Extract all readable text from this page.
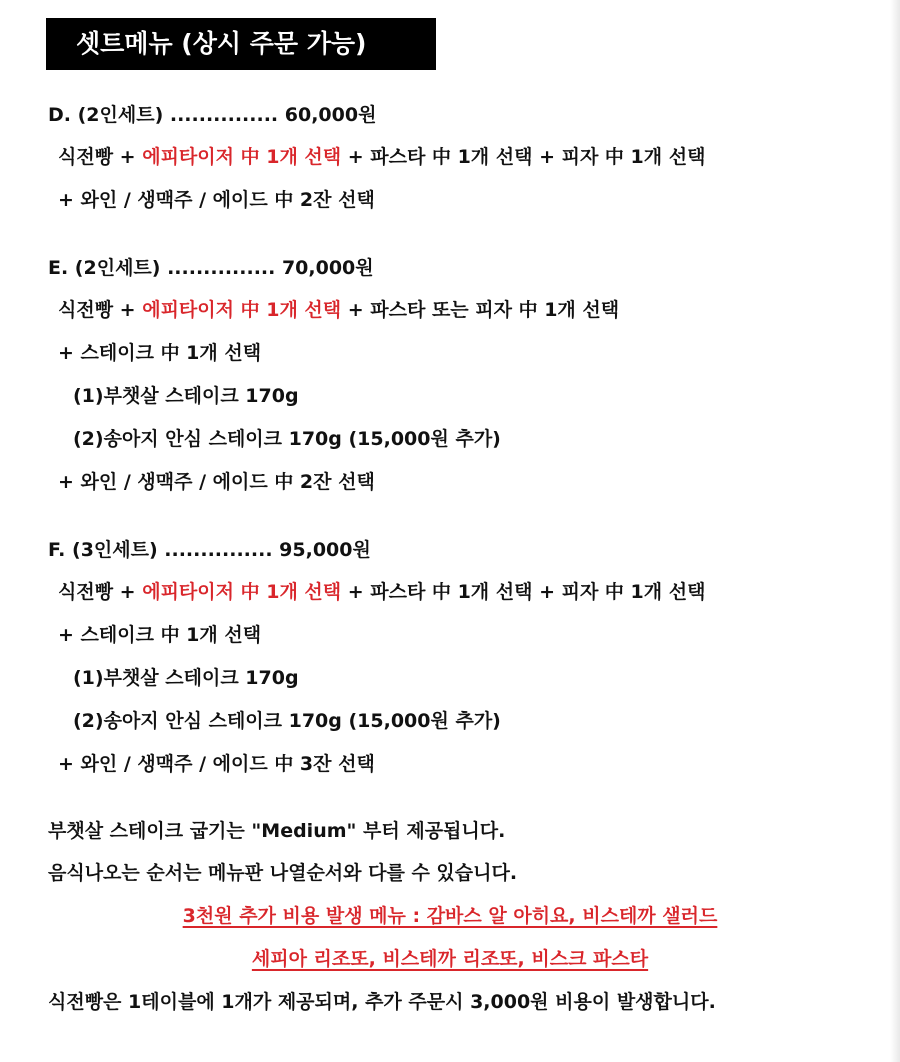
셋트메뉴 (상시 주문 가능)
D. (2인세트) ............... 60,000원
식전빵 + 에피타이저 中 1개 선택 + 파스타 中 1개 선택 + 피자 中 1개 선택
+ 와인 / 생맥주 / 에이드 中 2잔 선택
E. (2인세트) ............... 70,000원
식전빵 + 에피타이저 中 1개 선택 + 파스타 또는 피자 中 1개 선택
+ 스테이크 中 1개 선택
(1)부챗살 스테이크 170g
(2)송아지 안심 스테이크 170g (15,000원 추가)
+ 와인 / 생맥주 / 에이드 中 2잔 선택
F. (3인세트) ............... 95,000원
식전빵 + 에피타이저 中 1개 선택 + 파스타 中 1개 선택 + 피자 中 1개 선택
+ 스테이크 中 1개 선택
(1)부챗살 스테이크 170g
(2)송아지 안심 스테이크 170g (15,000원 추가)
+ 와인 / 생맥주 / 에이드 中 3잔 선택
부챗살 스테이크 굽기는 "Medium" 부터 제공됩니다.
음식나오는 순서는 메뉴판 나열순서와 다를 수 있습니다.
3천원 추가 비용 발생 메뉴 : 감바스 알 아히요, 비스테까 샐러드
세피아 리조또, 비스테까 리조또, 비스크 파스타
식전빵은 1테이블에 1개가 제공되며, 추가 주문시 3,000원 비용이 발생합니다.
